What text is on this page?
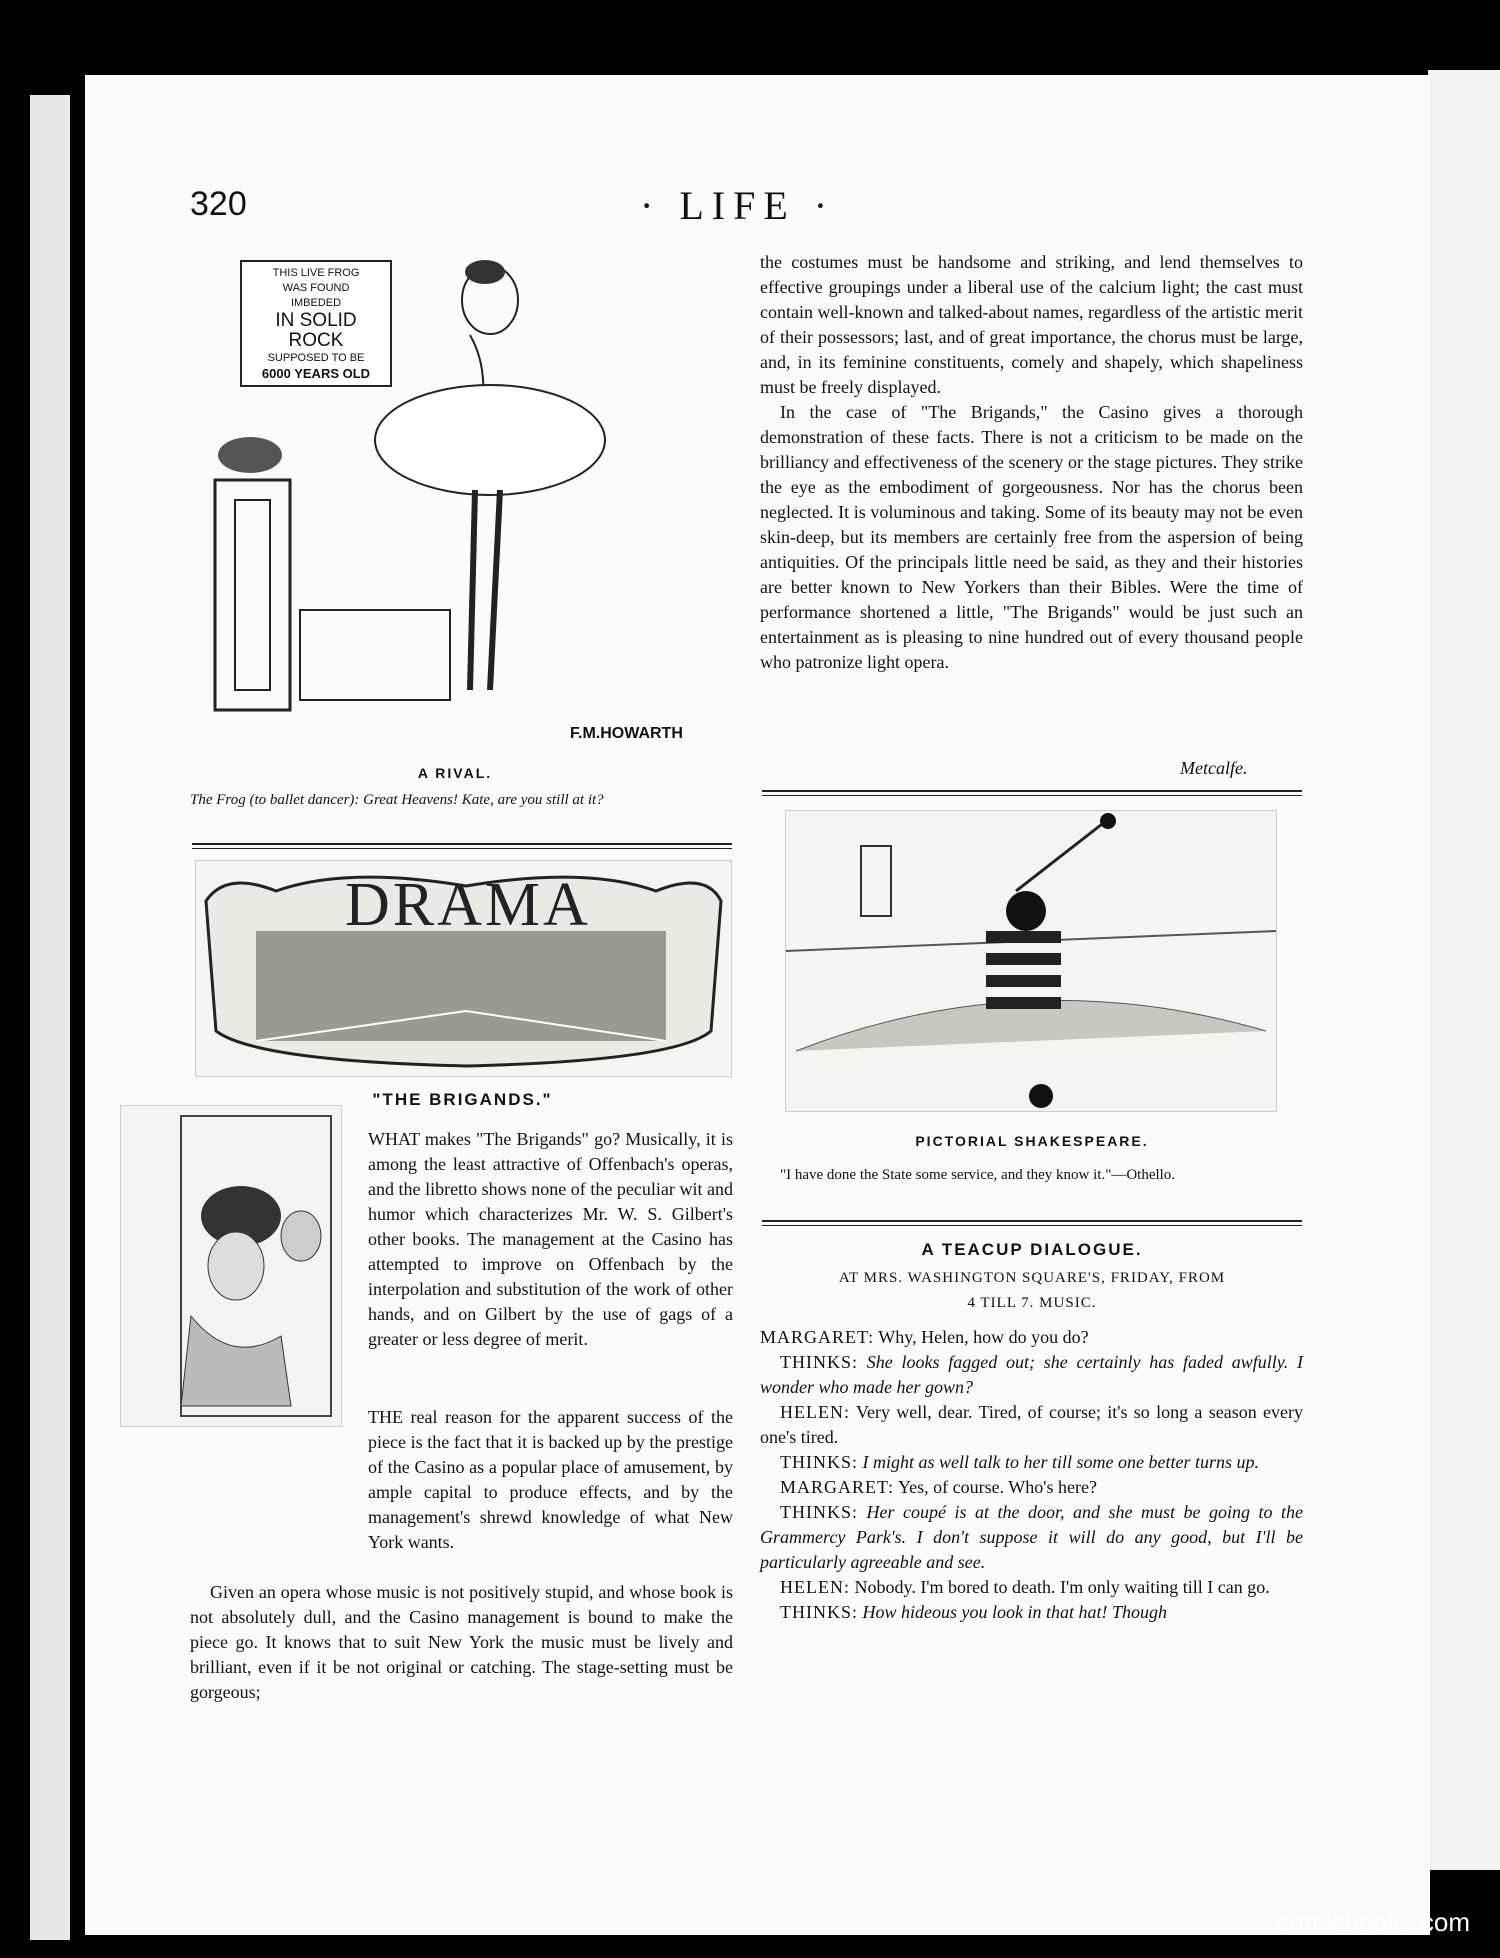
320	· LIFE ·
THIS LIVE FROG
WAS FOUND
IMBEDED
IN SOLID
ROCK
SUPPOSED TO BE
6000 YEARS OLD
F.M.HOWARTH
A RIVAL.
The Frog (to ballet dancer): Great Heavens! Kate, are you still at it?
DRAMA
"THE BRIGANDS."

WHAT makes "The Brigands" go? Musically, it is among the least attractive of Offenbach's operas, and the libretto shows none of the peculiar wit and humor which characterizes Mr. W. S. Gilbert's other books. The management at the Casino has attempted to improve on Offenbach by the interpolation and substitution of the work of other hands, and on Gilbert by the use of gags of a greater or less degree of merit.

THE real reason for the apparent success of the piece is the fact that it is backed up by the prestige of the Casino as a popular place of amusement, by ample capital to produce effects, and by the management's shrewd knowledge of what New York wants.

Given an opera whose music is not positively stupid, and whose book is not absolutely dull, and the Casino management is bound to make the piece go. It knows that to suit New York the music must be lively and brilliant, even if it be not original or catching. The stage-setting must be gorgeous;

the costumes must be handsome and striking, and lend themselves to effective groupings under a liberal use of the calcium light; the cast must contain well-known and talked-about names, regardless of the artistic merit of their possessors; last, and of great importance, the chorus must be large, and, in its feminine constituents, comely and shapely, which shapeliness must be freely displayed.

In the case of "The Brigands," the Casino gives a thorough demonstration of these facts. There is not a criticism to be made on the brilliancy and effectiveness of the scenery or the stage pictures. They strike the eye as the embodiment of gorgeousness. Nor has the chorus been neglected. It is voluminous and taking. Some of its beauty may not be even skin-deep, but its members are certainly free from the aspersion of being antiquities. Of the principals little need be said, as they and their histories are better known to New Yorkers than their Bibles. Were the time of performance shortened a little, "The Brigands" would be just such an entertainment as is pleasing to nine hundred out of every thousand people who patronize light opera.

Metcalfe.
PICTORIAL SHAKESPEARE.
"I have done the State some service, and they know it."—Othello.
A TEACUP DIALOGUE.
AT MRS. WASHINGTON SQUARE'S, FRIDAY, FROM
4 TILL 7. MUSIC.

MARGARET: Why, Helen, how do you do?

THINKS: She looks fagged out; she certainly has faded awfully. I wonder who made her gown?

HELEN: Very well, dear. Tired, of course; it's so long a season every one's tired.

THINKS: I might as well talk to her till some one better turns up.

MARGARET: Yes, of course. Who's here?

THINKS: Her coupé is at the door, and she must be going to the Grammercy Park's. I don't suppose it will do any good, but I'll be particularly agreeable and see.

HELEN: Nobody. I'm bored to death. I'm only waiting till I can go.

THINKS: How hideous you look in that hat! Though

comicbooks.com
